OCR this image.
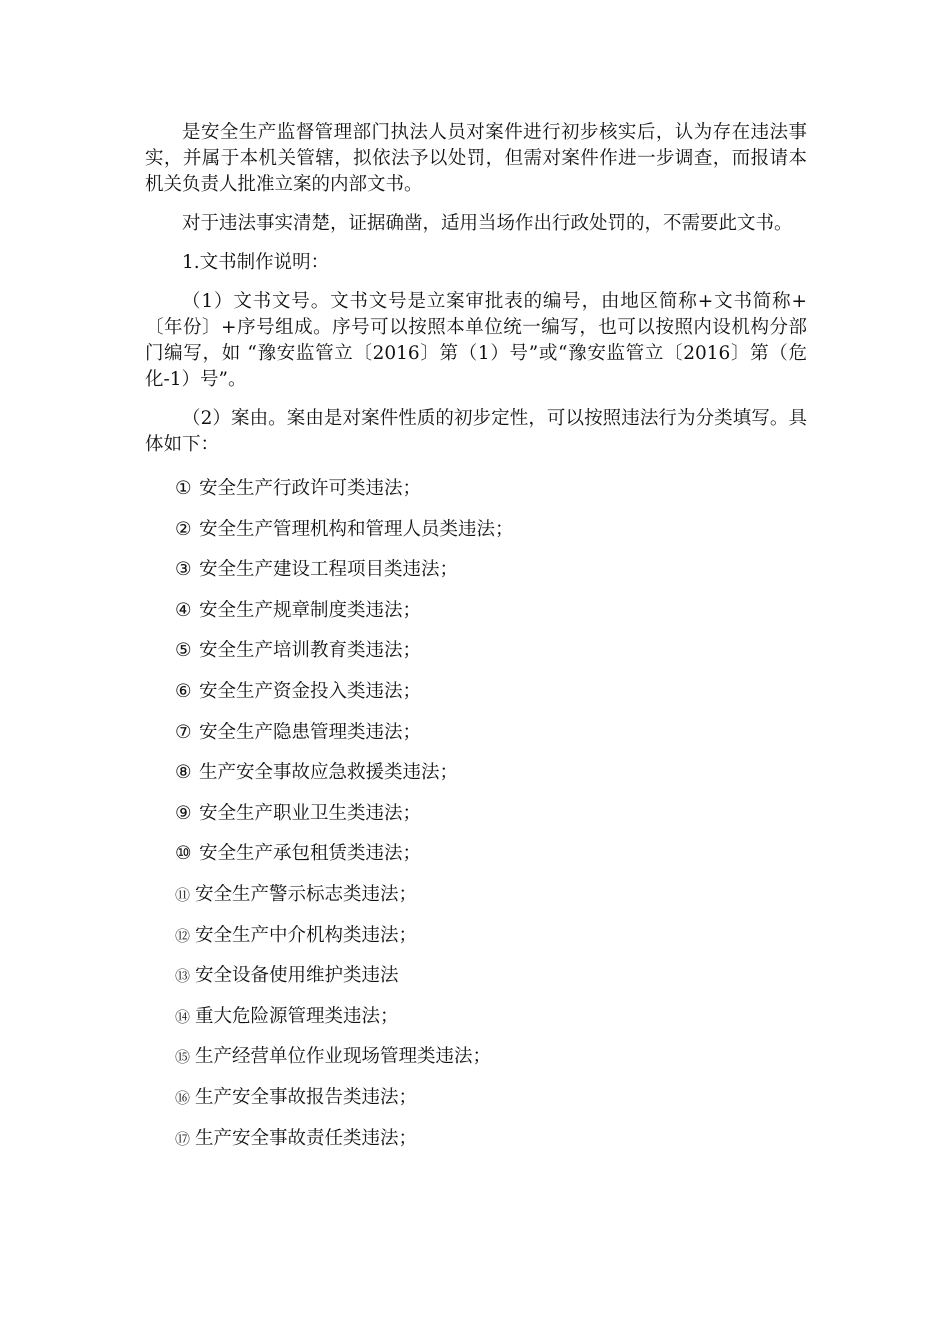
是安全生产监督管理部门执法人员对案件进行初步核实后，认为存在违法事实，并属于本机关管辖，拟依法予以处罚，但需对案件作进一步调查，而报请本机关负责人批准立案的内部文书。

对于违法事实清楚，证据确凿，适用当场作出行政处罚的，不需要此文书。

1.文书制作说明：

（1）文书文号。文书文号是立案审批表的编号，由地区简称+文书简称+〔年份〕+序号组成。序号可以按照本单位统一编写，也可以按照内设机构分部门编写，如 “豫安监管立〔2016〕第（1）号”或“豫安监管立〔2016〕第（危化-1）号”。

（2）案由。案由是对案件性质的初步定性，可以按照违法行为分类填写。具体如下：

① 安全生产行政许可类违法；
② 安全生产管理机构和管理人员类违法；
③ 安全生产建设工程项目类违法；
④ 安全生产规章制度类违法；
⑤ 安全生产培训教育类违法；
⑥ 安全生产资金投入类违法；
⑦ 安全生产隐患管理类违法；
⑧ 生产安全事故应急救援类违法；
⑨ 安全生产职业卫生类违法；
⑩ 安全生产承包租赁类违法；
⑪ 安全生产警示标志类违法；
⑫ 安全生产中介机构类违法；
⑬ 安全设备使用维护类违法
⑭ 重大危险源管理类违法；
⑮ 生产经营单位作业现场管理类违法；
⑯ 生产安全事故报告类违法；
⑰ 生产安全事故责任类违法；
